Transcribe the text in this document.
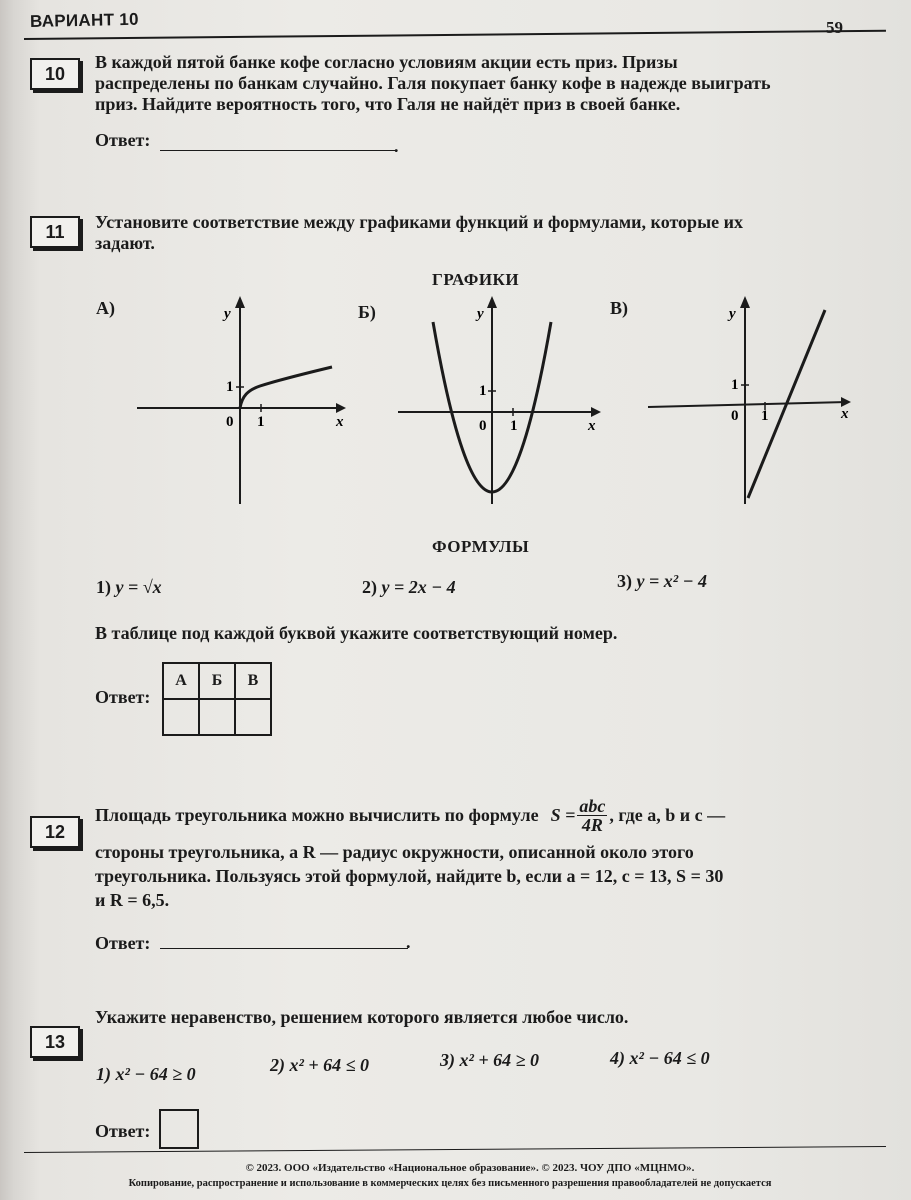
ВАРИАНТ 10	59
10
В каждой пятой банке кофе согласно условиям акции есть приз. Призы
распределены по банкам случайно. Галя покупает банку кофе в надежде выиграть
приз. Найдите вероятность того, что Галя не найдёт приз в своей банке.
Ответ:	.
11	Установите соответствие между графиками функций и формулами, которые их
задают.
ГРАФИКИ
А)	Б)	В)
y
1
0 1	x
y
1
0 1	x
y
1
0 1	x
ФОРМУЛЫ
1) y = √x	2) y = 2x − 4	3) y = x² − 4
В таблице под каждой буквой укажите соответствующий номер.
Ответ:
А	Б	В

12
Площадь треугольника можно вычислить по формуле $S = \frac{\text{abc}}{4R}$ , где a, b и c —
стороны треугольника, а R — радиус окружности, описанной около этого
треугольника. Пользуясь этой формулой, найдите b, если a = 12, c = 13, S = 30
и R = 6,5.
Ответ:	.
13
Укажите неравенство, решением которого является любое число.
1) x² − 64 ≥ 0	2) x² + 64 ≤ 0	3) x² + 64 ≥ 0	4) x² − 64 ≤ 0
Ответ:
© 2023. ООО «Издательство «Национальное образование». © 2023. ЧОУ ДПО «МЦНМО».
Копирование, распространение и использование в коммерческих целях без письменного разрешения правообладателей не допускается
